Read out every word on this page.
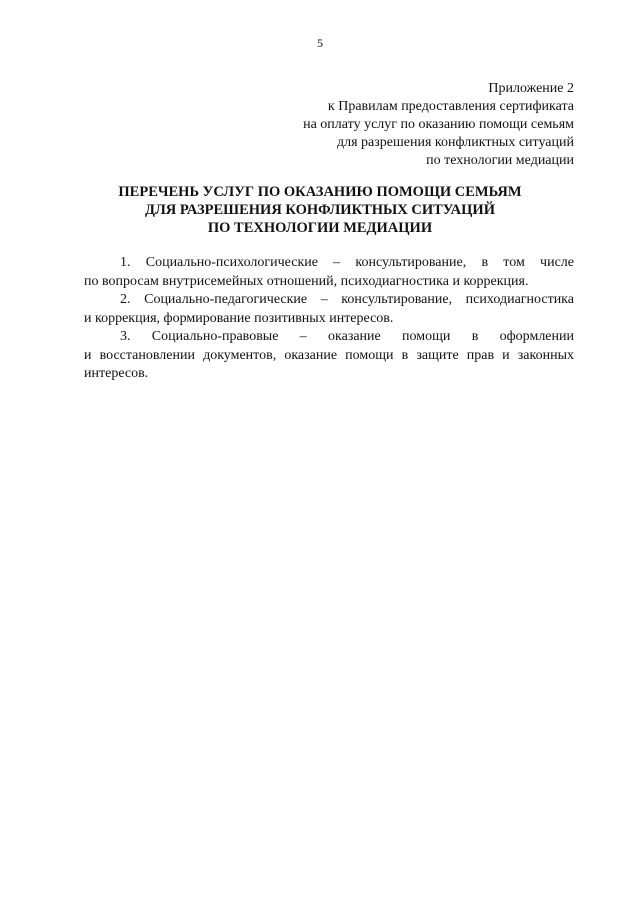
5
Приложение 2
к Правилам предоставления сертификата
на оплату услуг по оказанию помощи семьям
для разрешения конфликтных ситуаций
по технологии медиации
ПЕРЕЧЕНЬ УСЛУГ ПО ОКАЗАНИЮ ПОМОЩИ СЕМЬЯМ
ДЛЯ РАЗРЕШЕНИЯ КОНФЛИКТНЫХ СИТУАЦИЙ
ПО ТЕХНОЛОГИИ МЕДИАЦИИ
1. Социально-психологические – консультирование, в том числе
по вопросам внутрисемейных отношений, психодиагностика и коррекция.
2. Социально-педагогические – консультирование, психодиагностика
и коррекция, формирование позитивных интересов.
3. Социально-правовые – оказание помощи в оформлении
и восстановлении документов, оказание помощи в защите прав и законных
интересов.
